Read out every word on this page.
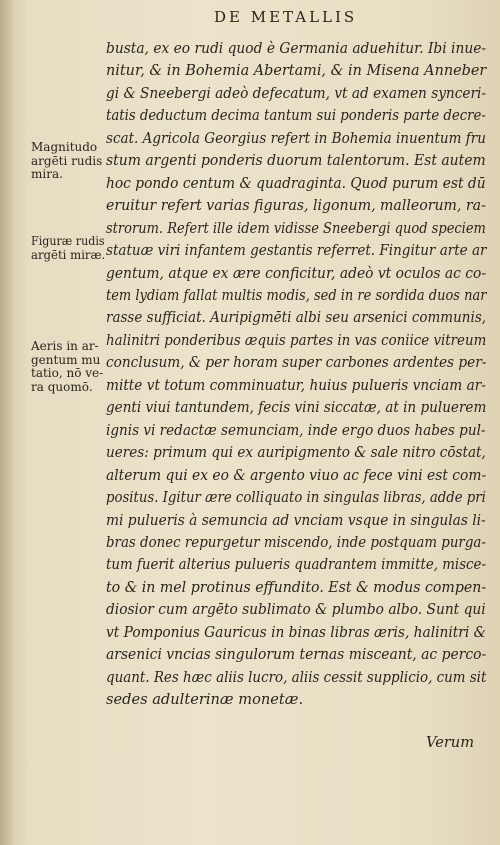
DE METALLIS
busta, ex eo rudi quod è Germania aduehitur. Ibi inue-
nitur, & in Bohemia Abertami, & in Misena Anneber
gi & Sneebergi adeò defecatum, vt ad examen synceri-
tatis deductum decima tantum sui ponderis parte decre-
scat. Agricola Georgius refert in Bohemia inuentum fru
stum argenti ponderis duorum talentorum. Est autem
hoc pondo centum & quadraginta. Quod purum est dū
eruitur refert varias figuras, ligonum, malleorum, ra-
strorum. Refert ille idem vidisse Sneebergi quod speciem
statuæ viri infantem gestantis referret. Fingitur arte ar
gentum, atque ex ære conficitur, adeò vt oculos ac co-
tem lydiam fallat multis modis, sed in re sordida duos nar
rasse sufficiat. Auripigmēti albi seu arsenici communis,
halinitri ponderibus æquis partes in vas coniice vitreum
conclusum, & per horam super carbones ardentes per-
mitte vt totum comminuatur, huius pulueris vnciam ar-
genti viui tantundem, fecis vini siccatæ, at in puluerem
ignis vi redactæ semunciam, inde ergo duos habes pul-
ueres: primum qui ex auripigmento & sale nitro cōstat,
alterum qui ex eo & argento viuo ac fece vini est com-
positus. Igitur ære colliquato in singulas libras, adde pri
mi pulueris à semuncia ad vnciam vsque in singulas li-
bras donec repurgetur miscendo, inde postquam purga-
tum fuerit alterius pulueris quadrantem immitte, misce-
to & in mel protinus effundito. Est & modus compen-
diosior cum argēto sublimato & plumbo albo. Sunt qui
vt Pomponius Gauricus in binas libras æris, halinitri &
arsenici vncias singulorum ternas misceant, ac perco-
quant. Res hæc aliis lucro, aliis cessit supplicio, cum sit
sedes adulterinæ monetæ.
Magnitudo
argēti rudis
mira.
Figuræ rudis
argēti miræ.
Aeris in ar-
gentum mu
tatio, nō ve-
ra quomō.
Verum
